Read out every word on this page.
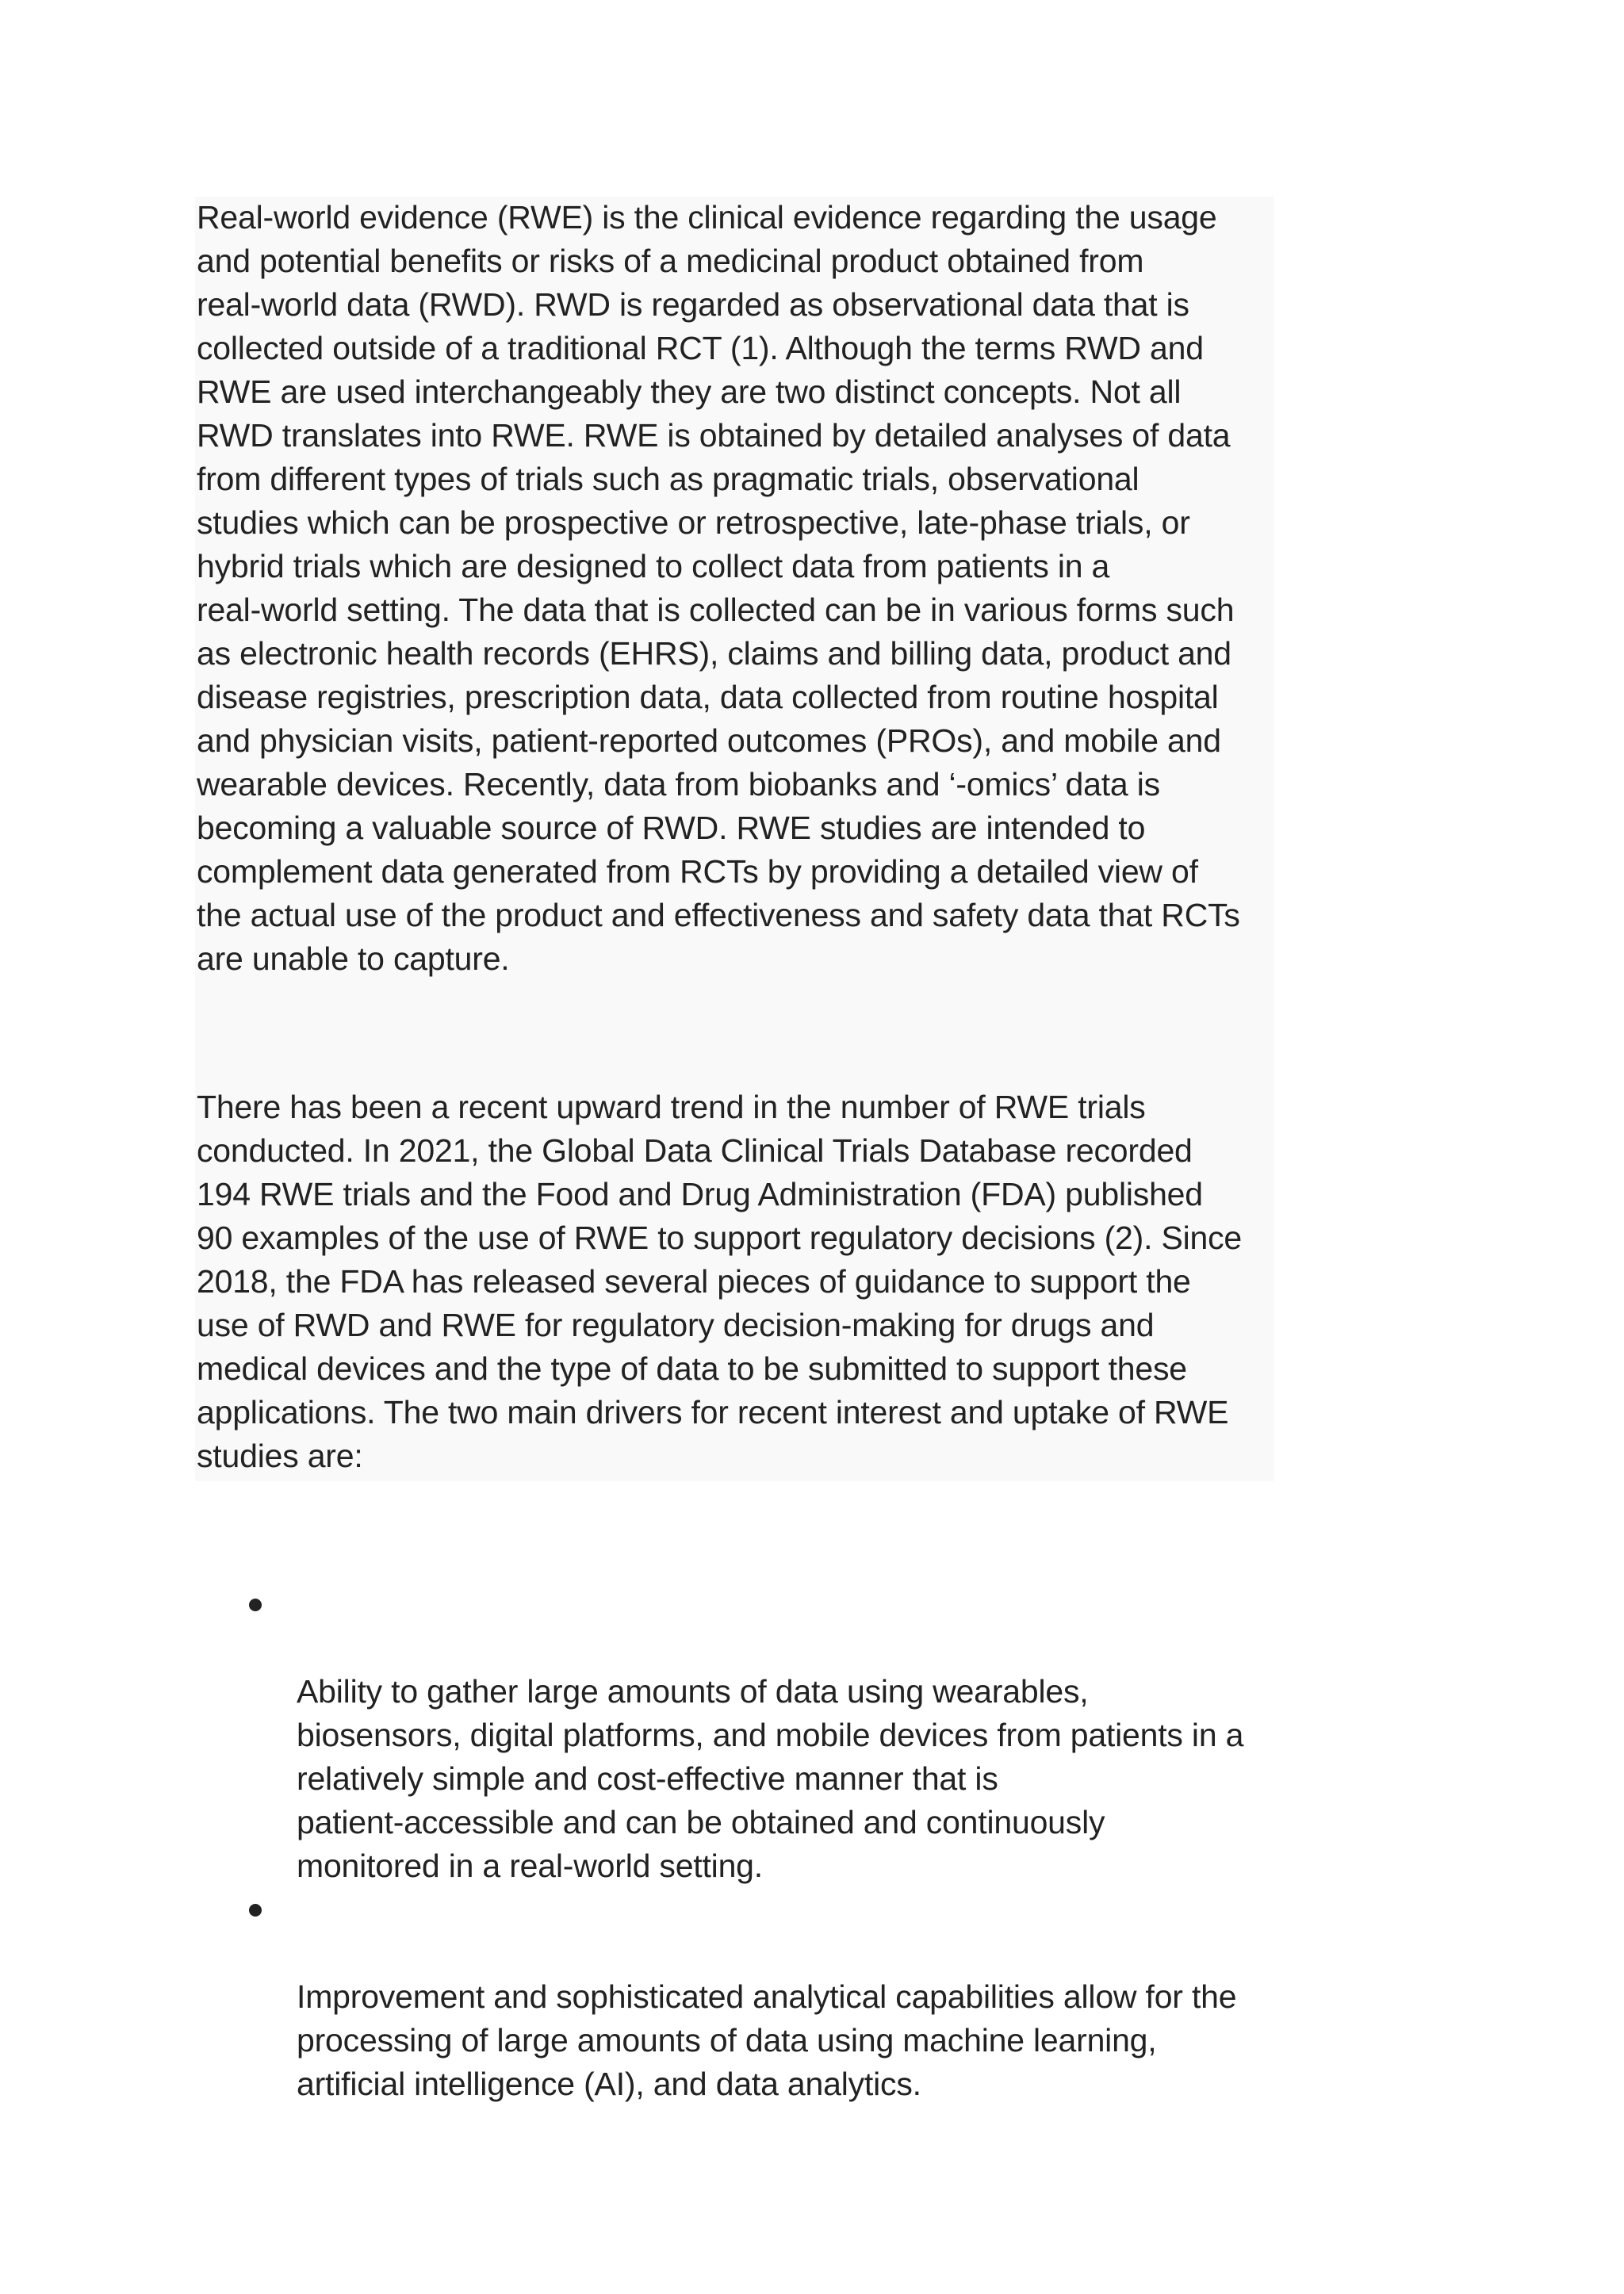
Real-world evidence (RWE) is the clinical evidence regarding the usage
and potential benefits or risks of a medicinal product obtained from
real-world data (RWD). RWD is regarded as observational data that is
collected outside of a traditional RCT (1). Although the terms RWD and
RWE are used interchangeably they are two distinct concepts. Not all
RWD translates into RWE. RWE is obtained by detailed analyses of data
from different types of trials such as pragmatic trials, observational
studies which can be prospective or retrospective, late-phase trials, or
hybrid trials which are designed to collect data from patients in a
real-world setting. The data that is collected can be in various forms such
as electronic health records (EHRS), claims and billing data, product and
disease registries, prescription data, data collected from routine hospital
and physician visits, patient-reported outcomes (PROs), and mobile and
wearable devices. Recently, data from biobanks and ‘-omics’ data is
becoming a valuable source of RWD. RWE studies are intended to
complement data generated from RCTs by providing a detailed view of
the actual use of the product and effectiveness and safety data that RCTs
are unable to capture.

There has been a recent upward trend in the number of RWE trials
conducted. In 2021, the Global Data Clinical Trials Database recorded
194 RWE trials and the Food and Drug Administration (FDA) published
90 examples of the use of RWE to support regulatory decisions (2). Since
2018, the FDA has released several pieces of guidance to support the
use of RWD and RWE for regulatory decision-making for drugs and
medical devices and the type of data to be submitted to support these
applications. The two main drivers for recent interest and uptake of RWE
studies are:

Ability to gather large amounts of data using wearables,
biosensors, digital platforms, and mobile devices from patients in a
relatively simple and cost-effective manner that is
patient-accessible and can be obtained and continuously
monitored in a real-world setting.

Improvement and sophisticated analytical capabilities allow for the
processing of large amounts of data using machine learning,
artificial intelligence (AI), and data analytics.
